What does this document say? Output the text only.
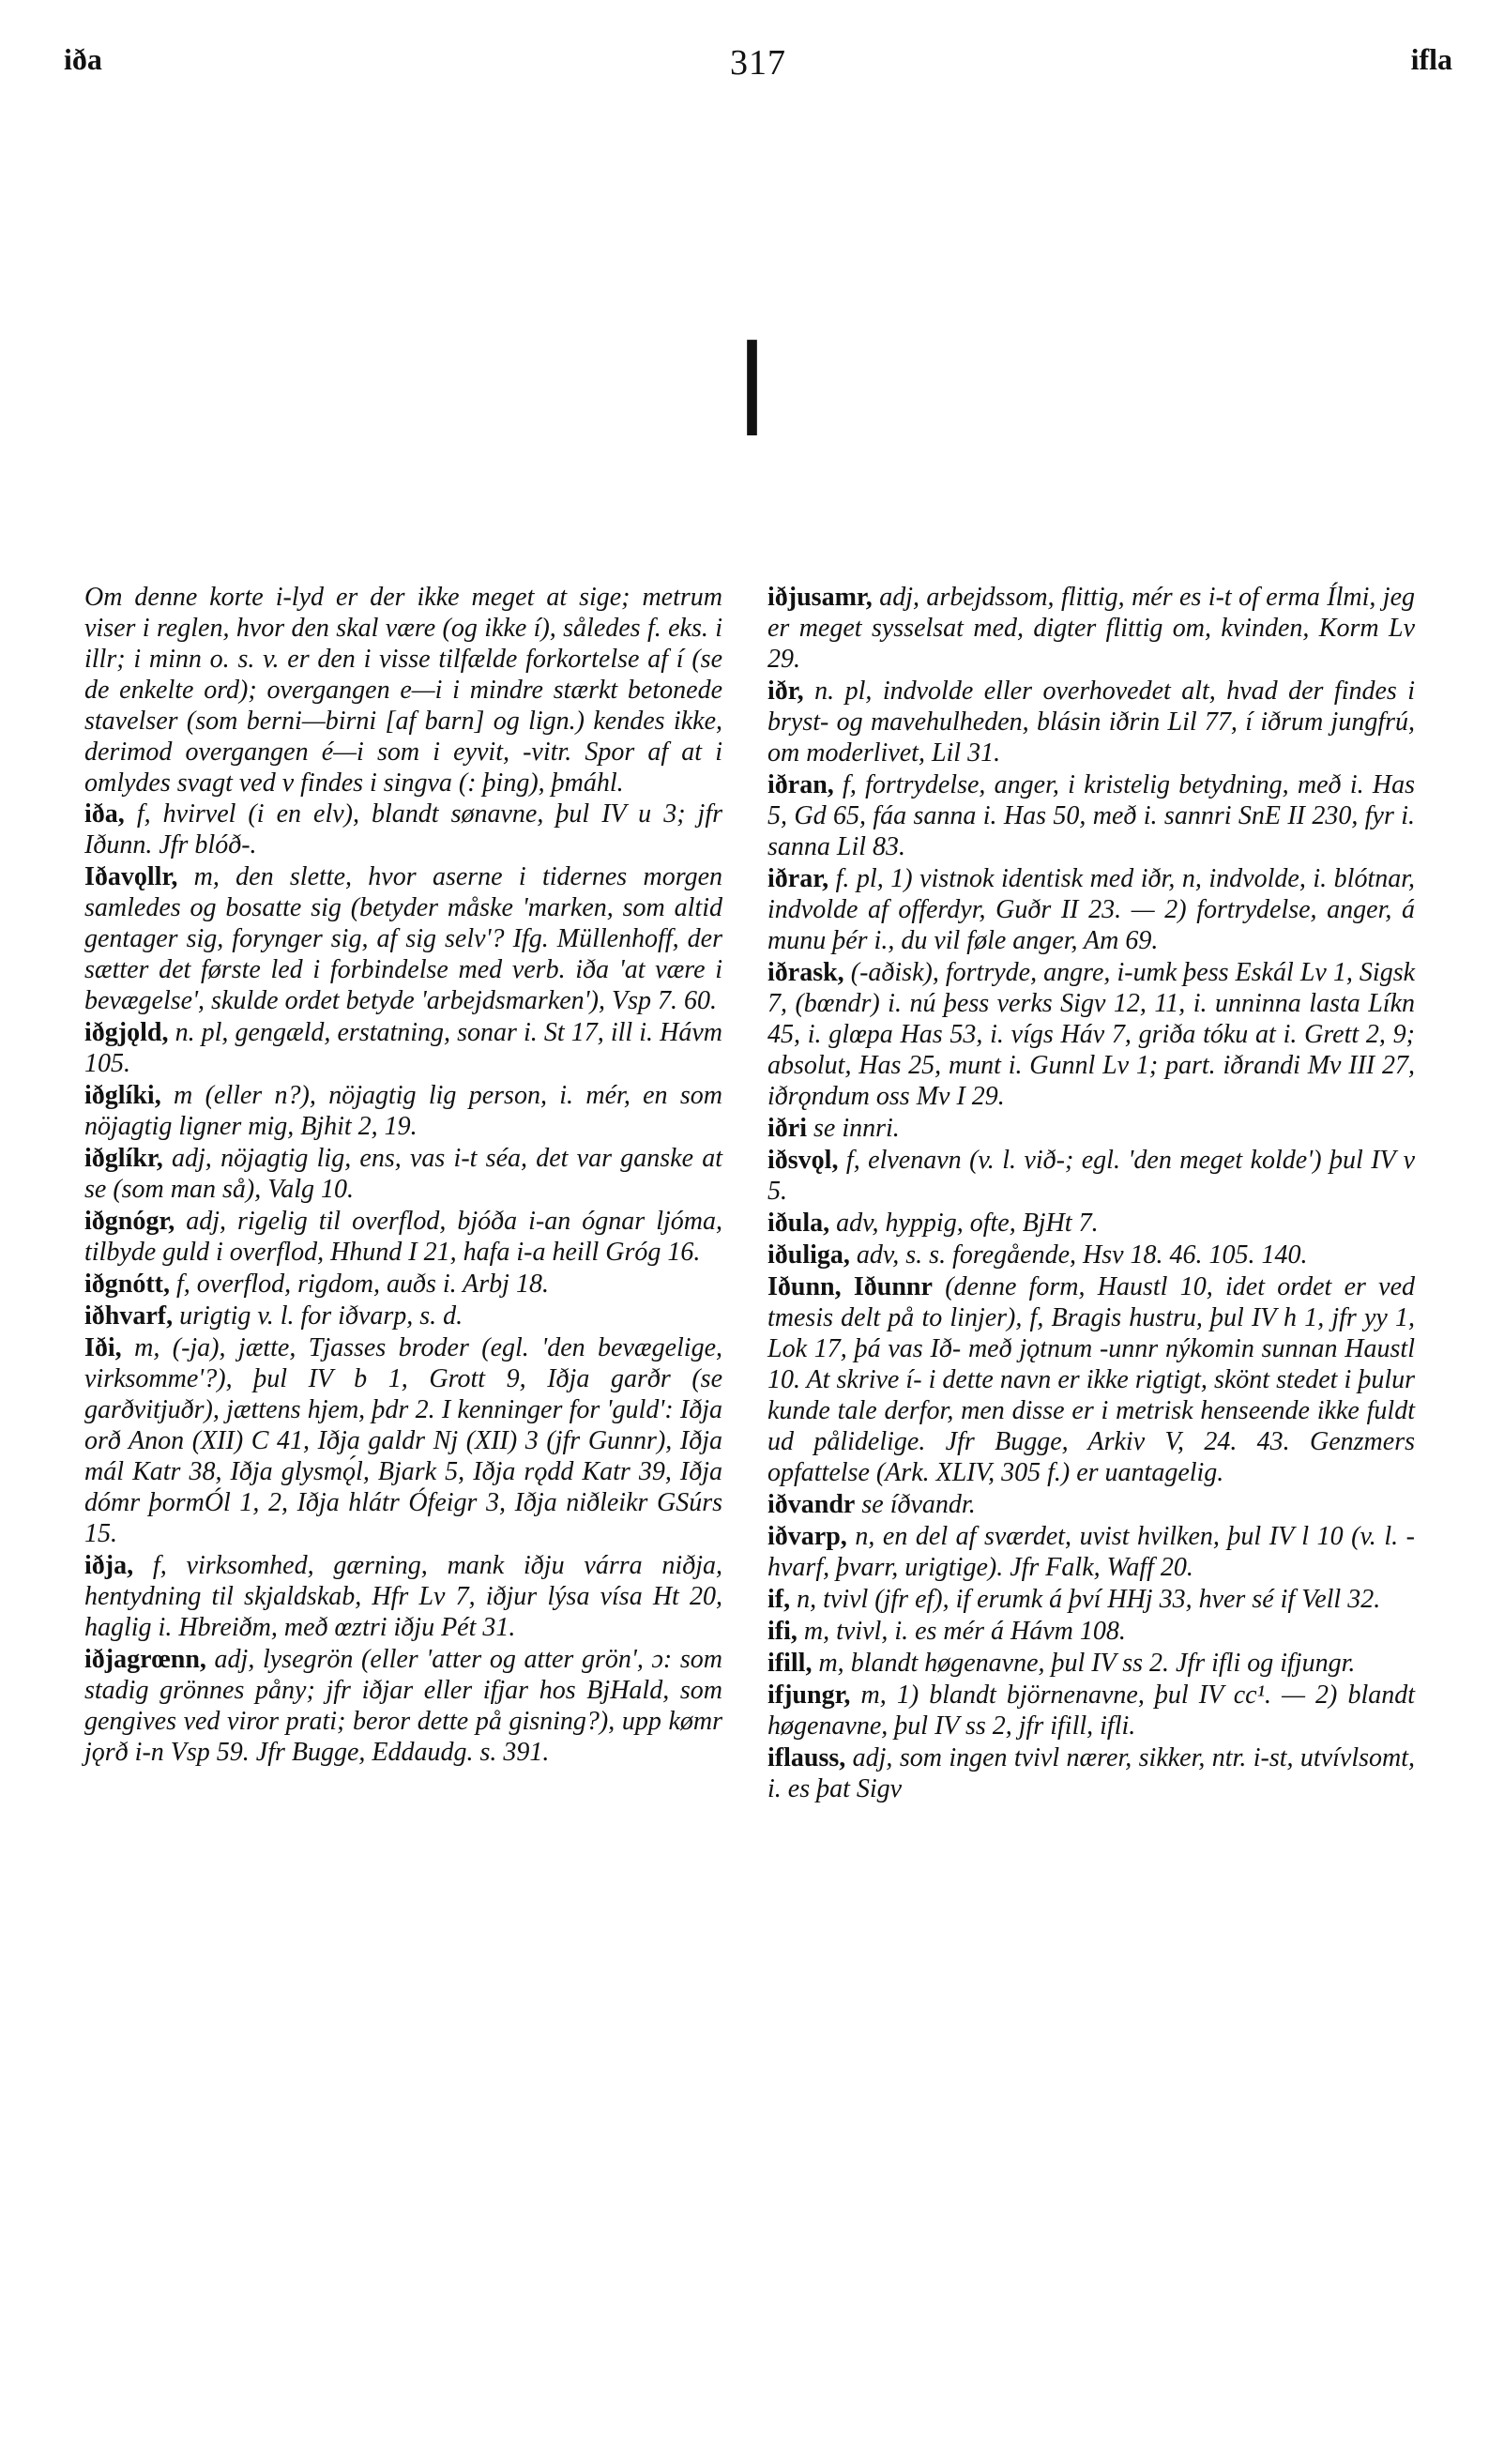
iða	317	ifla
I

Om denne korte i-lyd er der ikke meget at sige; metrum viser i reglen, hvor den skal være (og ikke í), således f. eks. i illr; i minn o. s. v. er den i visse tilfælde forkortelse af í (se de enkelte ord); overgangen e—i i mindre stærkt betonede stavelser (som berni—birni [af barn] og lign.) kendes ikke, derimod overgangen é—i som i eyvit, -vitr. Spor af at i omlydes svagt ved v findes i singva (: þing), þmáhl.

iða, f, hvirvel (i en elv), blandt sønavne, þul IV u 3; jfr Iðunn. Jfr blóð-.

Iðavǫllr, m, den slette, hvor aserne i tidernes morgen samledes og bosatte sig (betyder måske 'marken, som altid gentager sig, forynger sig, af sig selv'? Ifg. Müllenhoff, der sætter det første led i forbindelse med verb. iða 'at være i bevægelse', skulde ordet betyde 'arbejdsmarken'), Vsp 7. 60.

iðgjǫld, n. pl, gengæld, erstatning, sonar i. St 17, ill i. Hávm 105.

iðglíki, m (eller n?), nöjagtig lig person, i. mér, en som nöjagtig ligner mig, Bjhit 2, 19.

iðglíkr, adj, nöjagtig lig, ens, vas i-t séa, det var ganske at se (som man så), Valg 10.

iðgnógr, adj, rigelig til overflod, bjóða i-an ógnar ljóma, tilbyde guld i overflod, Hhund I 21, hafa i-a heill Gróg 16.

iðgnótt, f, overflod, rigdom, auðs i. Arbj 18.

iðhvarf, urigtig v. l. for iðvarp, s. d.

Iði, m, (-ja), jætte, Tjasses broder (egl. 'den bevægelige, virksomme'?), þul IV b 1, Grott 9, Iðja garðr (se garðvitjuðr), jættens hjem, þdr 2. I kenninger for 'guld': Iðja orð Anon (XII) C 41, Iðja galdr Nj (XII) 3 (jfr Gunnr), Iðja mál Katr 38, Iðja glysmǫ́l, Bjark 5, Iðja rǫdd Katr 39, Iðja dómr þormÓl 1, 2, Iðja hlátr Ófeigr 3, Iðja niðleikr GSúrs 15.

iðja, f, virksomhed, gærning, mank iðju várra niðja, hentydning til skjaldskab, Hfr Lv 7, iðjur lýsa vísa Ht 20, haglig i. Hbreiðm, með œztri iðju Pét 31.

iðjagrœnn, adj, lysegrön (eller 'atter og atter grön', ɔ: som stadig grönnes påny; jfr iðjar eller ifjar hos BjHald, som gengives ved viror prati; beror dette på gisning?), upp kømr jǫrð i-n Vsp 59. Jfr Bugge, Eddaudg. s. 391.

iðjusamr, adj, arbejdssom, flittig, mér es i-t of erma Ílmi, jeg er meget sysselsat med, digter flittig om, kvinden, Korm Lv 29.

iðr, n. pl, indvolde eller overhovedet alt, hvad der findes i bryst- og mavehulheden, blásin iðrin Lil 77, í iðrum jungfrú, om moderlivet, Lil 31.

iðran, f, fortrydelse, anger, i kristelig betydning, með i. Has 5, Gd 65, fáa sanna i. Has 50, með i. sannri SnE II 230, fyr i. sanna Lil 83.

iðrar, f. pl, 1) vistnok identisk med iðr, n, indvolde, i. blótnar, indvolde af offerdyr, Guðr II 23. — 2) fortrydelse, anger, á munu þér i., du vil føle anger, Am 69.

iðrask, (-aðisk), fortryde, angre, i-umk þess Eskál Lv 1, Sigsk 7, (bœndr) i. nú þess verks Sigv 12, 11, i. unninna lasta Líkn 45, i. glœpa Has 53, i. vígs Háv 7, griða tóku at i. Grett 2, 9; absolut, Has 25, munt i. Gunnl Lv 1; part. iðrandi Mv III 27, iðrǫndum oss Mv I 29.

iðri se innri.

iðsvǫl, f, elvenavn (v. l. við-; egl. 'den meget kolde') þul IV v 5.

iðula, adv, hyppig, ofte, BjHt 7.

iðuliga, adv, s. s. foregående, Hsv 18. 46. 105. 140.

Iðunn, Iðunnr (denne form, Haustl 10, idet ordet er ved tmesis delt på to linjer), f, Bragis hustru, þul IV h 1, jfr yy 1, Lok 17, þá vas Ið- með jǫtnum -unnr nýkomin sunnan Haustl 10. At skrive í- i dette navn er ikke rigtigt, skönt stedet i þulur kunde tale derfor, men disse er i metrisk henseende ikke fuldt ud pålidelige. Jfr Bugge, Arkiv V, 24. 43. Genzmers opfattelse (Ark. XLIV, 305 f.) er uantagelig.

iðvandr se íðvandr.

iðvarp, n, en del af sværdet, uvist hvilken, þul IV l 10 (v. l. -hvarf, þvarr, urigtige). Jfr Falk, Waff 20.

if, n, tvivl (jfr ef), if erumk á því HHj 33, hver sé if Vell 32.

ifi, m, tvivl, i. es mér á Hávm 108.

ifill, m, blandt høgenavne, þul IV ss 2. Jfr ifli og ifjungr.

ifjungr, m, 1) blandt björnenavne, þul IV cc¹. — 2) blandt høgenavne, þul IV ss 2, jfr ifill, ifli.

iflauss, adj, som ingen tvivl nærer, sikker, ntr. i-st, utvívlsomt, i. es þat Sigv
